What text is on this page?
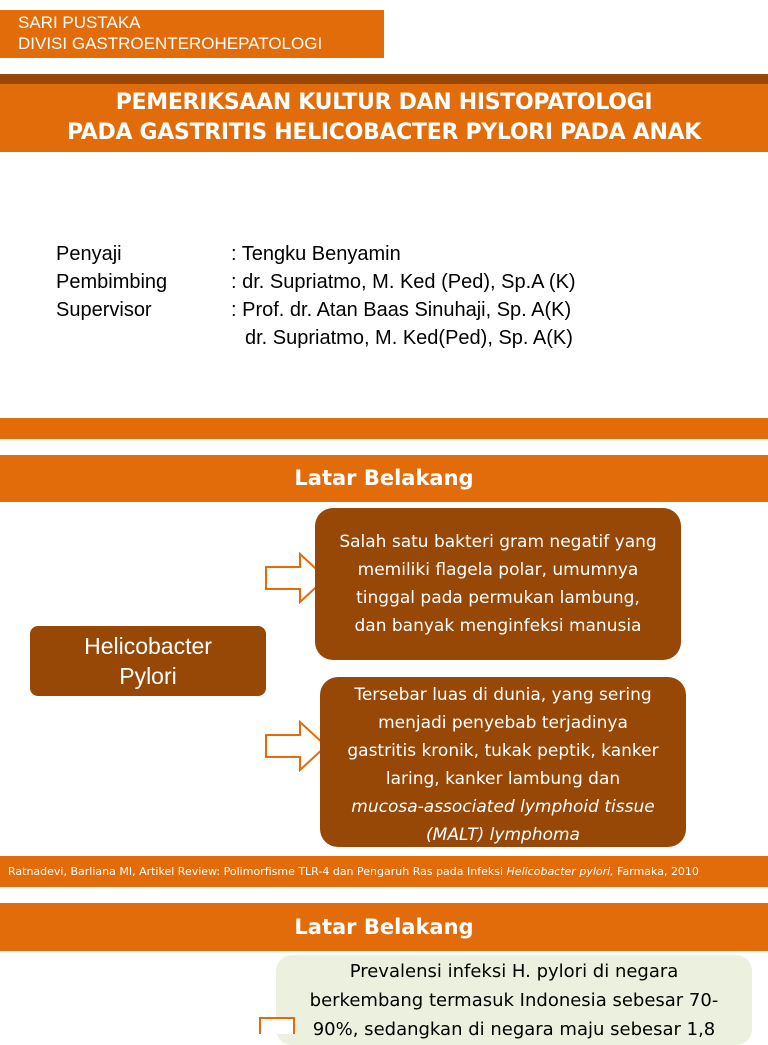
SARI PUSTAKA
DIVISI GASTROENTEROHEPATOLOGI
PEMERIKSAAN KULTUR DAN HISTOPATOLOGI
PADA GASTRITIS HELICOBACTER PYLORI PADA ANAK
Penyaji	: Tengku Benyamin
Pembimbing	: dr. Supriatmo, M. Ked (Ped), Sp.A (K)
Supervisor	: Prof. dr. Atan Baas Sinuhaji, Sp. A(K)
dr. Supriatmo, M. Ked(Ped), Sp. A(K)
Latar Belakang
Helicobacter
Pylori
Salah satu bakteri gram negatif yang
memiliki flagela polar, umumnya
tinggal pada permukan lambung,
dan banyak menginfeksi manusia
Tersebar luas di dunia, yang sering
menjadi penyebab terjadinya
gastritis kronik, tukak peptik, kanker
laring, kanker lambung dan
mucosa-associated lymphoid tissue
(MALT) lymphoma
Ratnadevi, Barliana MI, Artikel Review: Polimorfisme TLR-4 dan Pengaruh Ras pada Infeksi Helicobacter pylori, Farmaka, 2010
Latar Belakang
Prevalensi infeksi H. pylori di negara
berkembang termasuk Indonesia sebesar 70-
90%, sedangkan di negara maju sebesar 1,8
